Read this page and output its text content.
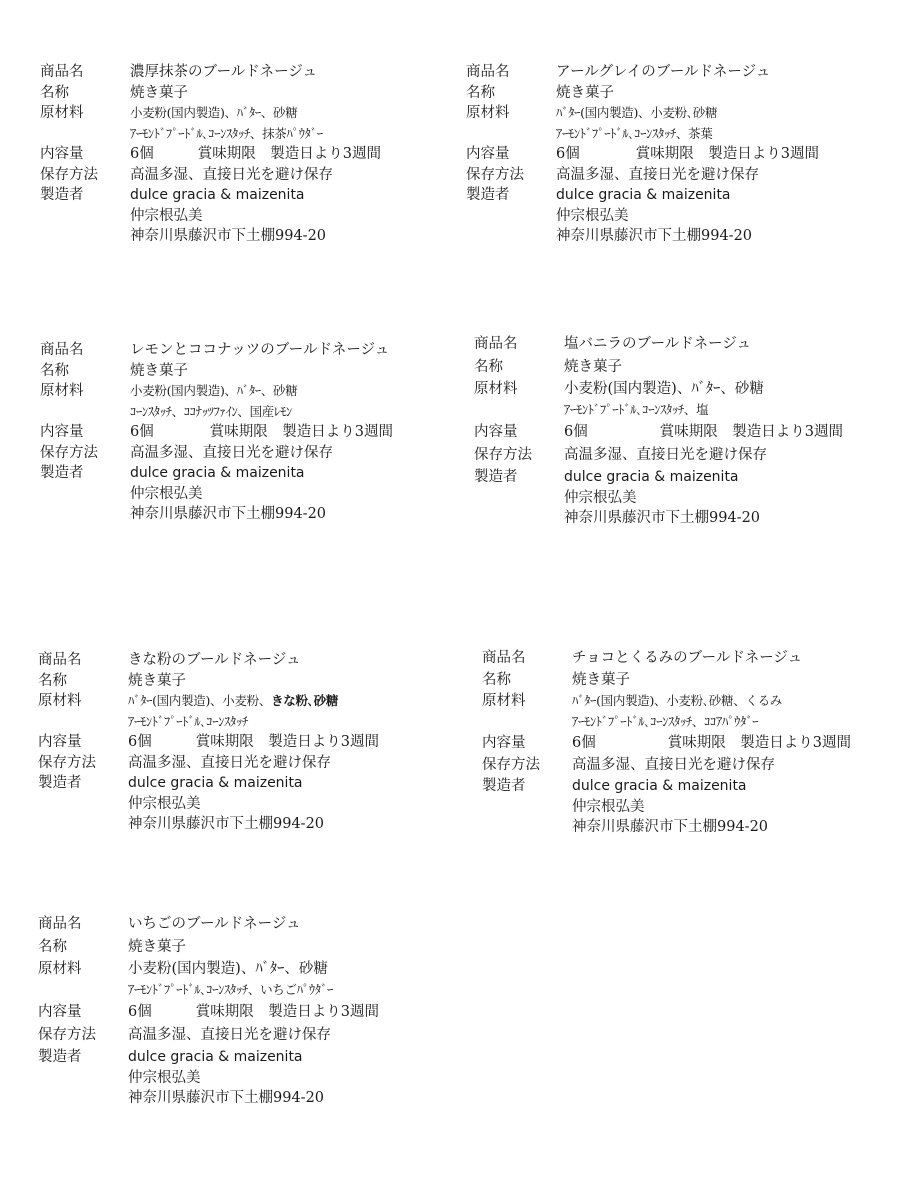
商品名	濃厚抹茶のブールドネージュ
名称	焼き菓子
原材料	小麦粉(国内製造)、ﾊﾞﾀｰ、砂糖
ｱｰﾓﾝﾄﾞﾌﾟｰﾄﾞﾙ､ｺｰﾝｽﾀｯﾁ、抹茶ﾊﾟｳﾀﾞｰ
内容量	6個	賞味期限　製造日より3週間
保存方法	高温多湿、直接日光を避け保存
製造者	dulce gracia & maizenita
仲宗根弘美
神奈川県藤沢市下土棚994-20
商品名	アールグレイのブールドネージュ
名称	焼き菓子
原材料	ﾊﾞﾀｰ(国内製造)、小麦粉､砂糖
ｱｰﾓﾝﾄﾞﾌﾟｰﾄﾞﾙ､ｺｰﾝｽﾀｯﾁ、茶葉
内容量	6個	賞味期限　製造日より3週間
保存方法	高温多湿、直接日光を避け保存
製造者	dulce gracia & maizenita
仲宗根弘美
神奈川県藤沢市下土棚994-20
商品名	レモンとココナッツのブールドネージュ
名称	焼き菓子
原材料	小麦粉(国内製造)、ﾊﾞﾀｰ、砂糖
ｺｰﾝｽﾀｯﾁ、ｺｺﾅｯﾂﾌｧｲﾝ、国産ﾚﾓﾝ
内容量	6個	賞味期限　製造日より3週間
保存方法	高温多湿、直接日光を避け保存
製造者	dulce gracia & maizenita
仲宗根弘美
神奈川県藤沢市下土棚994-20
商品名	塩バニラのブールドネージュ
名称	焼き菓子
原材料	小麦粉(国内製造)、ﾊﾞﾀｰ、砂糖
ｱｰﾓﾝﾄﾞﾌﾟｰﾄﾞﾙ､ｺｰﾝｽﾀｯﾁ、塩
内容量	6個	賞味期限　製造日より3週間
保存方法	高温多湿、直接日光を避け保存
製造者	dulce gracia & maizenita
仲宗根弘美
神奈川県藤沢市下土棚994-20
商品名	きな粉のブールドネージュ
名称	焼き菓子
原材料	ﾊﾞﾀｰ(国内製造)、小麦粉、きな粉､砂糖
ｱｰﾓﾝﾄﾞﾌﾟｰﾄﾞﾙ､ｺｰﾝｽﾀｯﾁ
内容量	6個	賞味期限　製造日より3週間
保存方法	高温多湿、直接日光を避け保存
製造者	dulce gracia & maizenita
仲宗根弘美
神奈川県藤沢市下土棚994-20
商品名	チョコとくるみのブールドネージュ
名称	焼き菓子
原材料	ﾊﾞﾀｰ(国内製造)、小麦粉､砂糖、くるみ
ｱｰﾓﾝﾄﾞﾌﾟｰﾄﾞﾙ､ｺｰﾝｽﾀｯﾁ、ｺｺｱﾊﾟｳﾀﾞｰ
内容量	6個	賞味期限　製造日より3週間
保存方法	高温多湿、直接日光を避け保存
製造者	dulce gracia & maizenita
仲宗根弘美
神奈川県藤沢市下土棚994-20
商品名	いちごのブールドネージュ
名称	焼き菓子
原材料	小麦粉(国内製造)、ﾊﾞﾀｰ、砂糖
ｱｰﾓﾝﾄﾞﾌﾟｰﾄﾞﾙ､ｺｰﾝｽﾀｯﾁ、いちごﾊﾟｳﾀﾞｰ
内容量	6個	賞味期限　製造日より3週間
保存方法	高温多湿、直接日光を避け保存
製造者	dulce gracia & maizenita
仲宗根弘美
神奈川県藤沢市下土棚994-20
